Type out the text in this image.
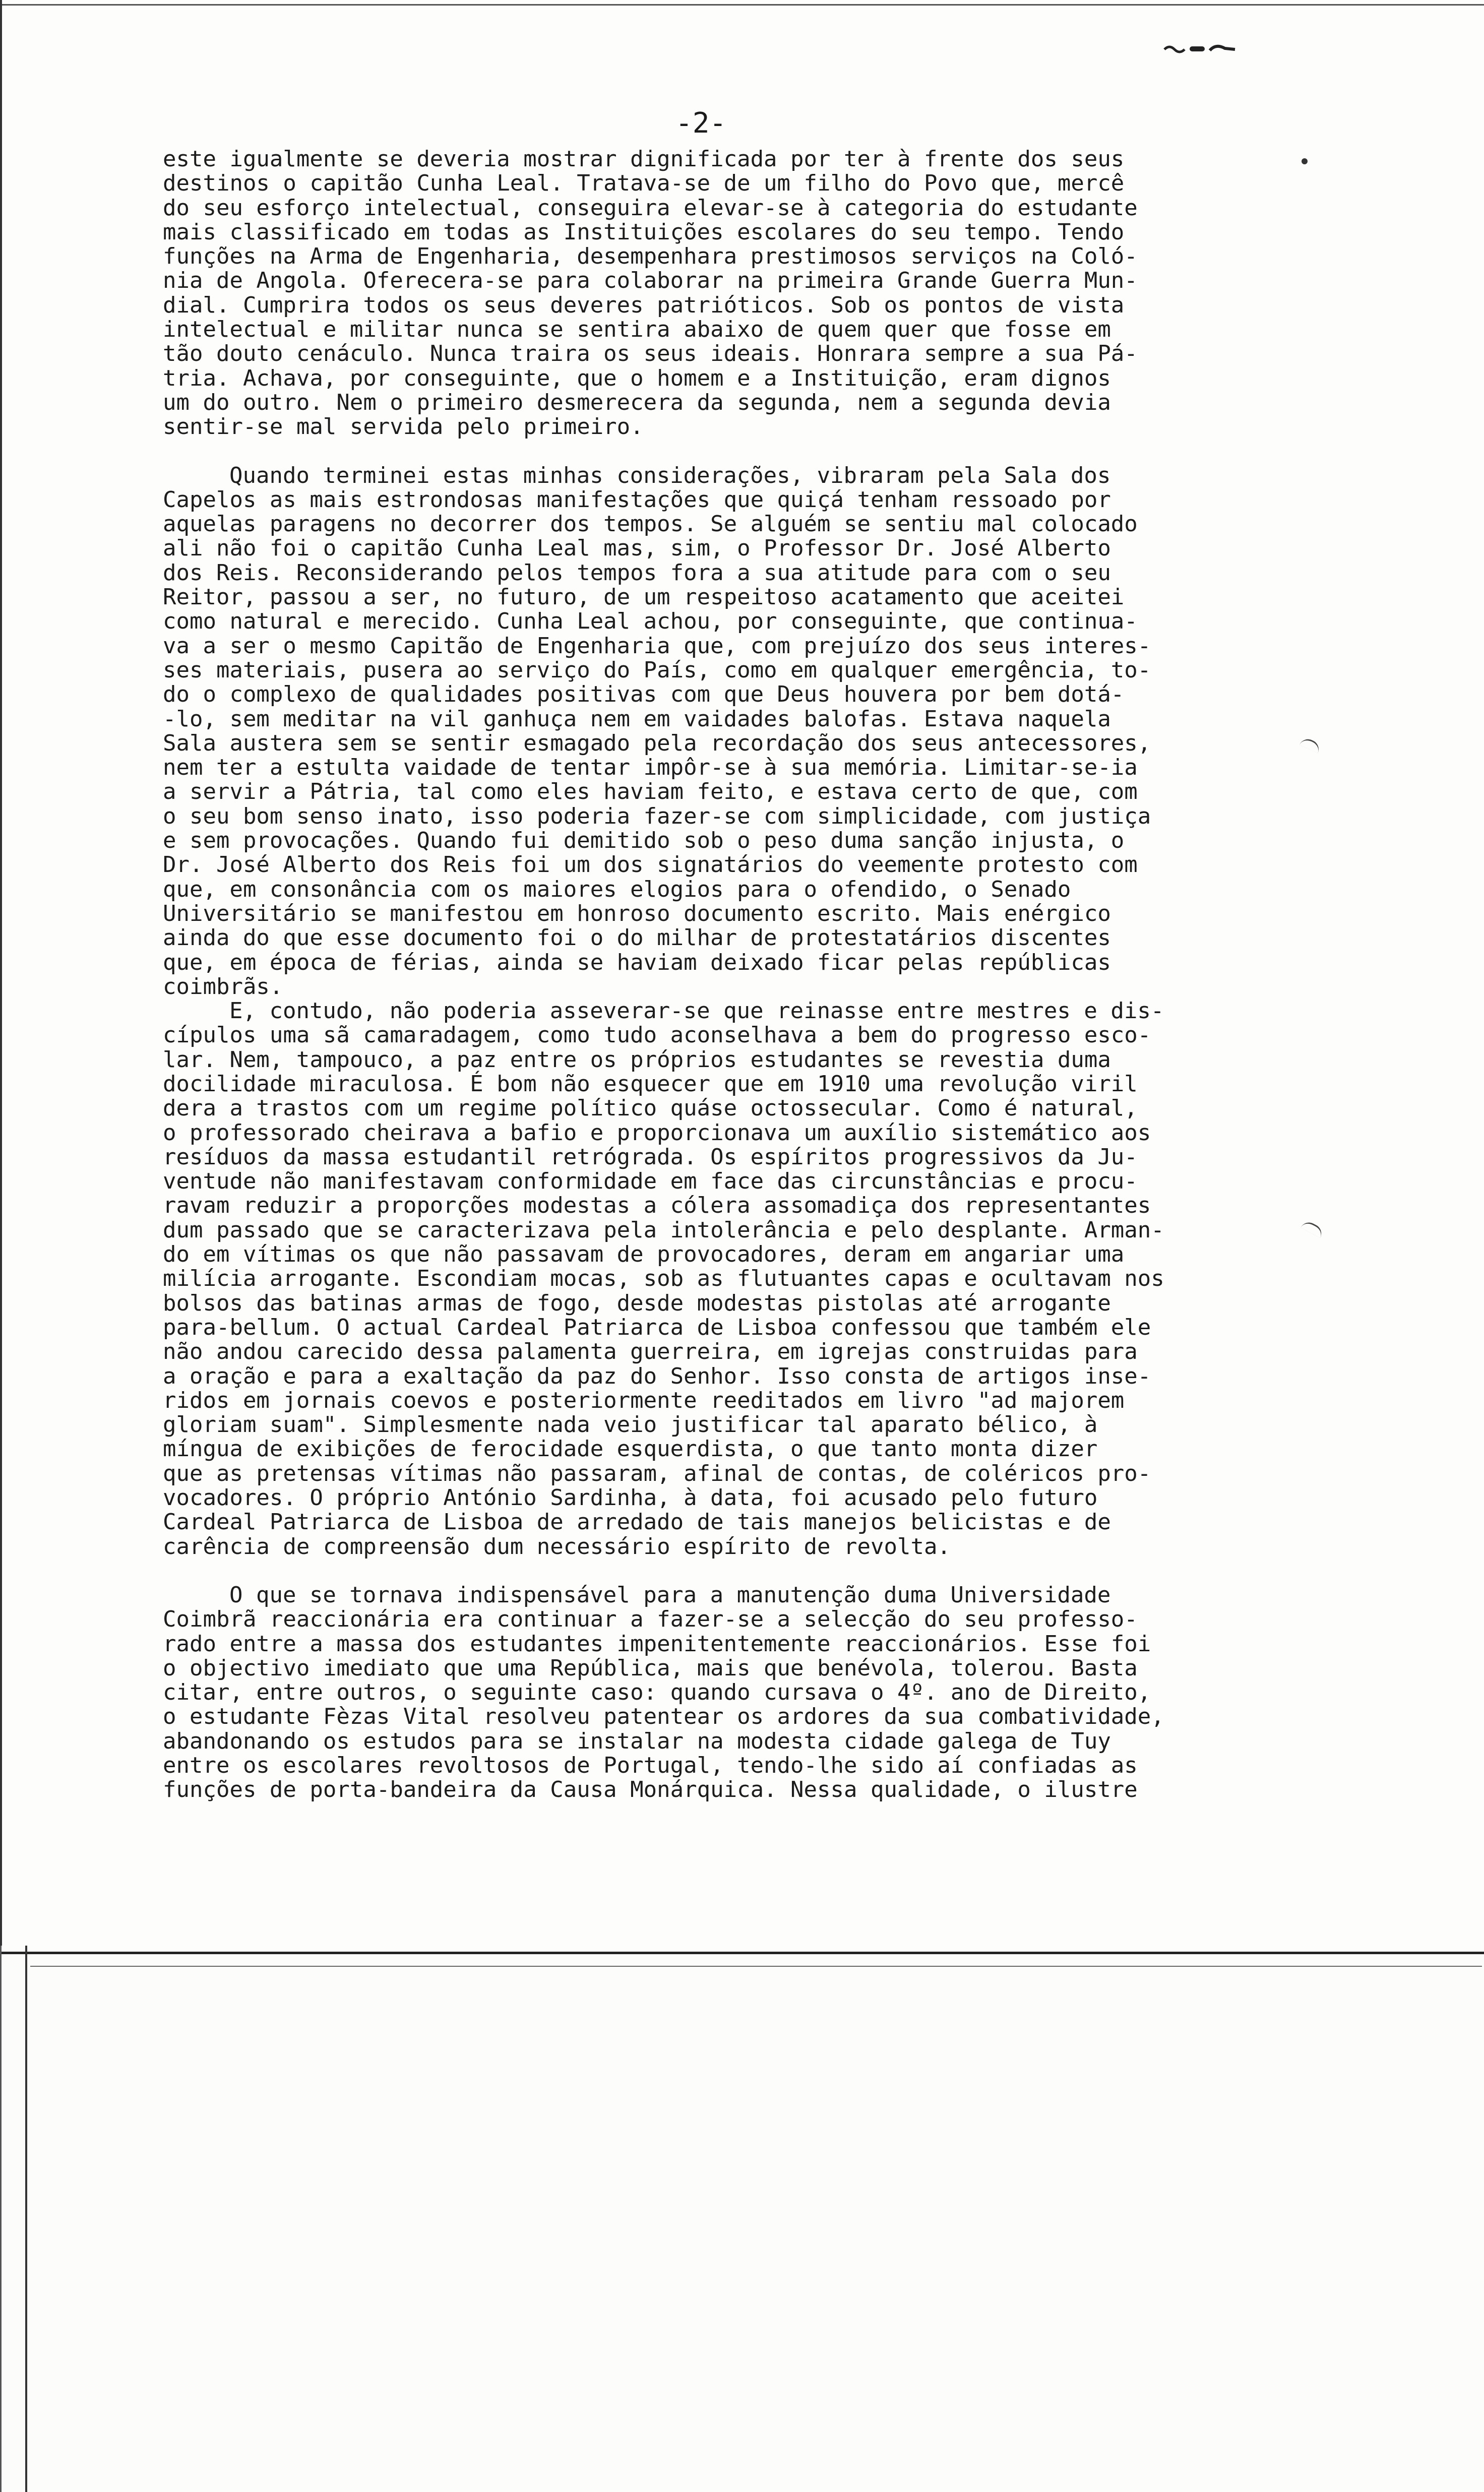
-2-
este igualmente se deveria mostrar dignificada por ter à frente dos seus
destinos o capitão Cunha Leal. Tratava-se de um filho do Povo que, mercê
do seu esforço intelectual, conseguira elevar-se à categoria do estudante
mais classificado em todas as Instituições escolares do seu tempo. Tendo
funções na Arma de Engenharia, desempenhara prestimosos serviços na Coló-
nia de Angola. Oferecera-se para colaborar na primeira Grande Guerra Mun-
dial. Cumprira todos os seus deveres patrióticos. Sob os pontos de vista
intelectual e militar nunca se sentira abaixo de quem quer que fosse em
tão douto cenáculo. Nunca traira os seus ideais. Honrara sempre a sua Pá-
tria. Achava, por conseguinte, que o homem e a Instituição, eram dignos
um do outro. Nem o primeiro desmerecera da segunda, nem a segunda devia
sentir-se mal servida pelo primeiro.
Quando terminei estas minhas considerações, vibraram pela Sala dos
Capelos as mais estrondosas manifestações que quiçá tenham ressoado por
aquelas paragens no decorrer dos tempos. Se alguém se sentiu mal colocado
ali não foi o capitão Cunha Leal mas, sim, o Professor Dr. José Alberto
dos Reis. Reconsiderando pelos tempos fora a sua atitude para com o seu
Reitor, passou a ser, no futuro, de um respeitoso acatamento que aceitei
como natural e merecido. Cunha Leal achou, por conseguinte, que continua-
va a ser o mesmo Capitão de Engenharia que, com prejuízo dos seus interes-
ses materiais, pusera ao serviço do País, como em qualquer emergência, to-
do o complexo de qualidades positivas com que Deus houvera por bem dotá-
-lo, sem meditar na vil ganhuça nem em vaidades balofas. Estava naquela
Sala austera sem se sentir esmagado pela recordação dos seus antecessores,
nem ter a estulta vaidade de tentar impôr-se à sua memória. Limitar-se-ia
a servir a Pátria, tal como eles haviam feito, e estava certo de que, com
o seu bom senso inato, isso poderia fazer-se com simplicidade, com justiça
e sem provocações. Quando fui demitido sob o peso duma sanção injusta, o
Dr. José Alberto dos Reis foi um dos signatários do veemente protesto com
que, em consonância com os maiores elogios para o ofendido, o Senado
Universitário se manifestou em honroso documento escrito. Mais enérgico
ainda do que esse documento foi o do milhar de protestatários discentes
que, em época de férias, ainda se haviam deixado ficar pelas repúblicas
coimbrãs.
E, contudo, não poderia asseverar-se que reinasse entre mestres e dis-
cípulos uma sã camaradagem, como tudo aconselhava a bem do progresso esco-
lar. Nem, tampouco, a paz entre os próprios estudantes se revestia duma
docilidade miraculosa. É bom não esquecer que em 1910 uma revolução viril
dera a trastos com um regime político quáse octossecular. Como é natural,
o professorado cheirava a bafio e proporcionava um auxílio sistemático aos
resíduos da massa estudantil retrógrada. Os espíritos progressivos da Ju-
ventude não manifestavam conformidade em face das circunstâncias e procu-
ravam reduzir a proporções modestas a cólera assomadiça dos representantes
dum passado que se caracterizava pela intolerância e pelo desplante. Arman-
do em vítimas os que não passavam de provocadores, deram em angariar uma
milícia arrogante. Escondiam mocas, sob as flutuantes capas e ocultavam nos
bolsos das batinas armas de fogo, desde modestas pistolas até arrogante
para-bellum. O actual Cardeal Patriarca de Lisboa confessou que também ele
não andou carecido dessa palamenta guerreira, em igrejas construidas para
a oração e para a exaltação da paz do Senhor. Isso consta de artigos inse-
ridos em jornais coevos e posteriormente reeditados em livro "ad majorem
gloriam suam". Simplesmente nada veio justificar tal aparato bélico, à
míngua de exibições de ferocidade esquerdista, o que tanto monta dizer
que as pretensas vítimas não passaram, afinal de contas, de coléricos pro-
vocadores. O próprio António Sardinha, à data, foi acusado pelo futuro
Cardeal Patriarca de Lisboa de arredado de tais manejos belicistas e de
carência de compreensão dum necessário espírito de revolta.
O que se tornava indispensável para a manutenção duma Universidade
Coimbrã reaccionária era continuar a fazer-se a selecção do seu professo-
rado entre a massa dos estudantes impenitentemente reaccionários. Esse foi
o objectivo imediato que uma República, mais que benévola, tolerou. Basta
citar, entre outros, o seguinte caso: quando cursava o 4º. ano de Direito,
o estudante Fèzas Vital resolveu patentear os ardores da sua combatividade,
abandonando os estudos para se instalar na modesta cidade galega de Tuy
entre os escolares revoltosos de Portugal, tendo-lhe sido aí confiadas as
funções de porta-bandeira da Causa Monárquica. Nessa qualidade, o ilustre
